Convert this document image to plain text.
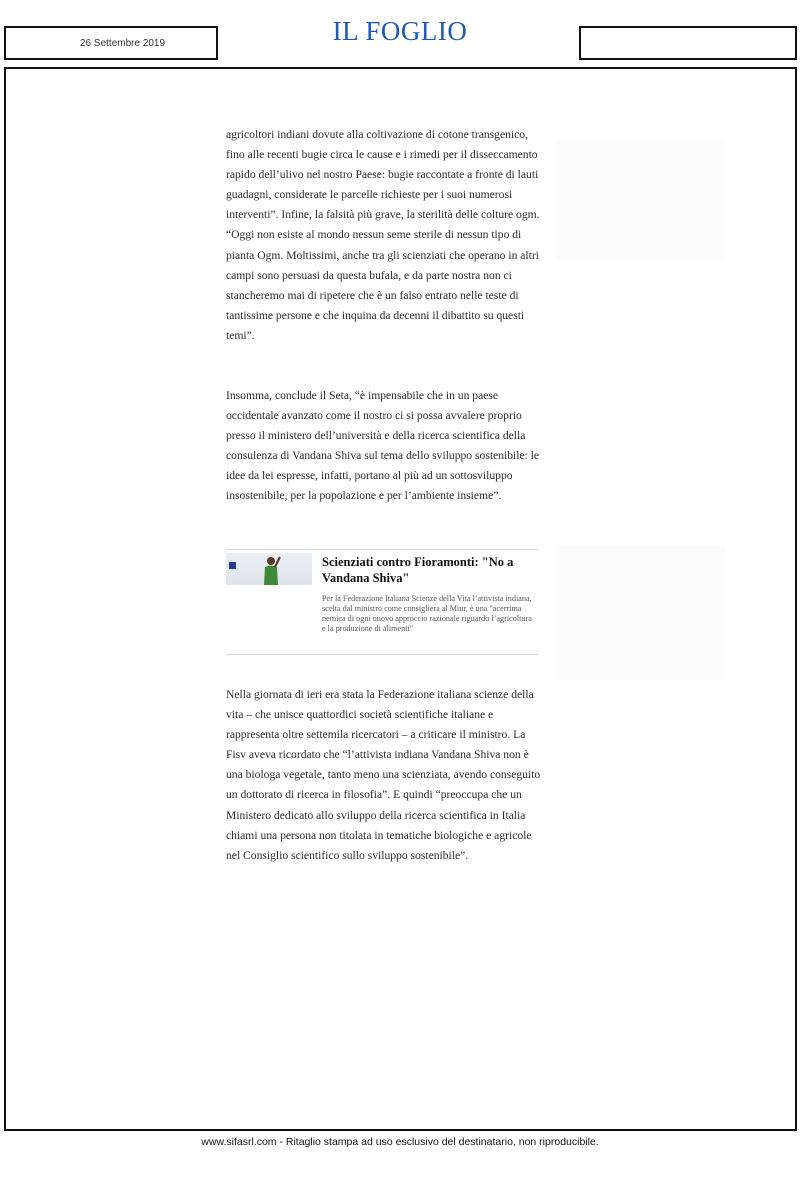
26 Settembre 2019	IL FOGLIO

agricoltori indiani dovute alla coltivazione di cotone transgenico, fino alle recenti bugie circa le cause e i rimedi per il disseccamento rapido dell’ulivo nel nostro Paese: bugie raccontate a fronte di lauti guadagni, considerate le parcelle richieste per i suoi numerosi interventi”. Infine, la falsità più grave, la sterilità delle colture ogm. “Oggi non esiste al mondo nessun seme sterile di nessun tipo di pianta Ogm. Moltissimi, anche tra gli scienziati che operano in altri campi sono persuasi da questa bufala, e da parte nostra non ci stancheremo mai di ripetere che è un falso entrato nelle teste di tantissime persone e che inquina da decenni il dibattito su questi temi”.

Insomma, conclude il Seta, “è impensabile che in un paese occidentale avanzato come il nostro ci si possa avvalere proprio presso il ministero dell’università e della ricerca scientifica della consulenza di Vandana Shiva sul tema dello sviluppo sostenibile: le idee da lei espresse, infatti, portano al più ad un sottosviluppo insostenibile, per la popolazione e per l’ambiente insieme”.

Scienziati contro Fioramonti: "No a Vandana Shiva"
Per la Federazione Italiana Scienze della Vita l’attivista indiana, scelta dal ministro come consigliera al Miur, è una "acerrima nemica di ogni nuovo approccio razionale riguardo l’agricoltura e la produzione di alimenti"

Nella giornata di ieri era stata la Federazione italiana scienze della vita – che unisce quattordici società scientifiche italiane e rappresenta oltre settemila ricercatori – a criticare il ministro. La Fisv aveva ricordato che “l’attivista indiana Vandana Shiva non è una biologa vegetale, tanto meno una scienziata, avendo conseguito un dottorato di ricerca in filosofia”. E quindi “preoccupa che un Ministero dedicato allo sviluppo della ricerca scientifica in Italia chiami una persona non titolata in tematiche biologiche e agricole nel Consiglio scientifico sullo sviluppo sostenibile”.

www.sifasrl.com - Ritaglio stampa ad uso esclusivo del destinatario, non riproducibile.
